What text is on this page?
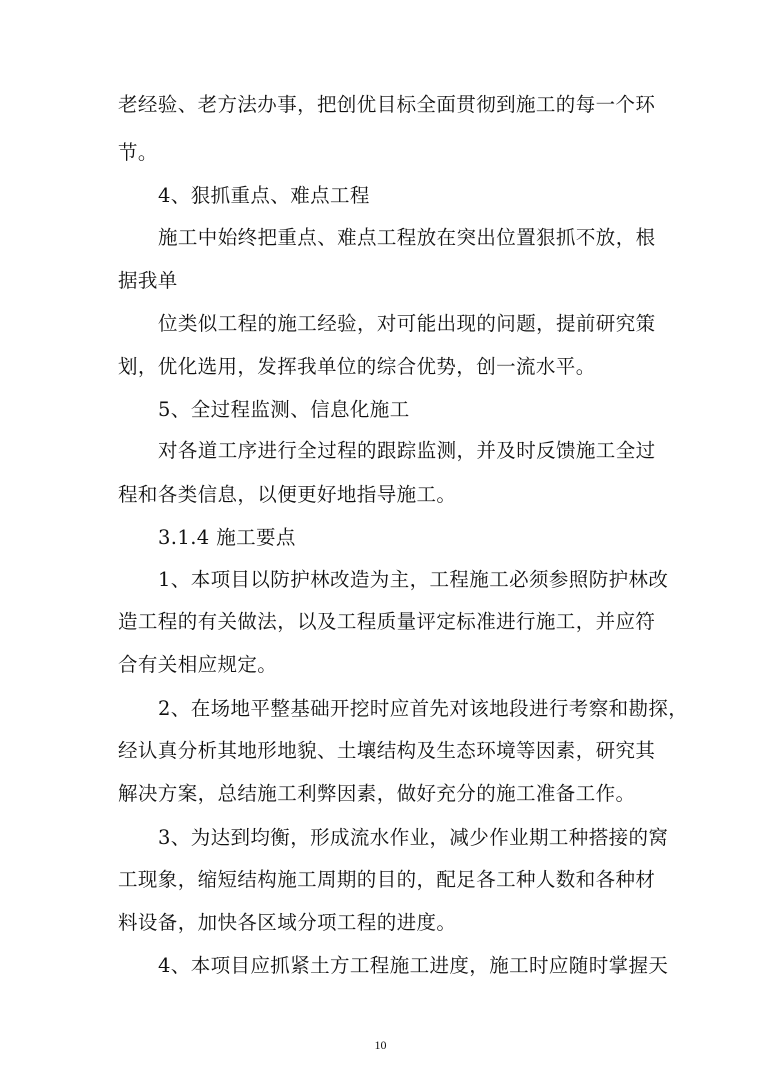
老经验、老方法办事，把创优目标全面贯彻到施工的每一个环
节。
4、狠抓重点、难点工程
施工中始终把重点、难点工程放在突出位置狠抓不放，根
据我单
位类似工程的施工经验，对可能出现的问题，提前研究策
划，优化选用，发挥我单位的综合优势，创一流水平。
5、全过程监测、信息化施工
对各道工序进行全过程的跟踪监测，并及时反馈施工全过
程和各类信息，以便更好地指导施工。
3.1.4 施工要点
1、本项目以防护林改造为主，工程施工必须参照防护林改
造工程的有关做法，以及工程质量评定标准进行施工，并应符
合有关相应规定。
2、在场地平整基础开挖时应首先对该地段进行考察和勘探，
经认真分析其地形地貌、土壤结构及生态环境等因素，研究其
解决方案，总结施工利弊因素，做好充分的施工准备工作。
3、为达到均衡，形成流水作业，减少作业期工种搭接的窝
工现象，缩短结构施工周期的目的，配足各工种人数和各种材
料设备，加快各区域分项工程的进度。
4、本项目应抓紧土方工程施工进度，施工时应随时掌握天
10
